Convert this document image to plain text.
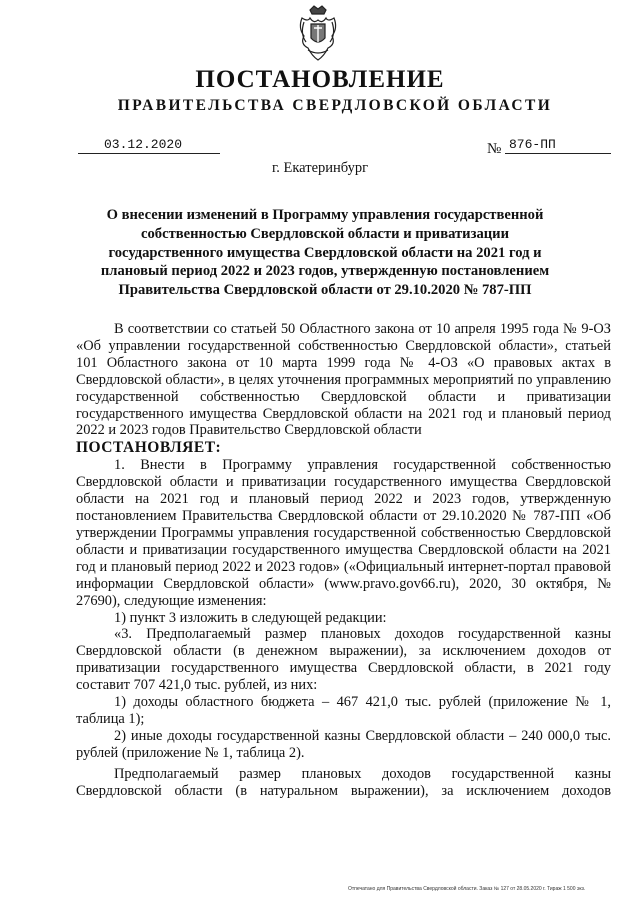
ПОСТАНОВЛЕНИЕ
ПРАВИТЕЛЬСТВА СВЕРДЛОВСКОЙ ОБЛАСТИ
03.12.2020	№ 876-ПП
г. Екатеринбург
О внесении изменений в Программу управления государственной собственностью Свердловской области и приватизации государственного имущества Свердловской области на 2021 год и плановый период 2022 и 2023 годов, утвержденную постановлением Правительства Свердловской области от 29.10.2020 № 787-ПП

В соответствии со статьей 50 Областного закона от 10 апреля 1995 года № 9-ОЗ «Об управлении государственной собственностью Свердловской области», статьей 101 Областного закона от 10 марта 1999 года № 4-ОЗ «О правовых актах в Свердловской области», в целях уточнения программных мероприятий по управлению государственной собственностью Свердловской области и приватизации государственного имущества Свердловской области на 2021 год и плановый период 2022 и 2023 годов Правительство Свердловской области

ПОСТАНОВЛЯЕТ:

1. Внести в Программу управления государственной собственностью Свердловской области и приватизации государственного имущества Свердловской области на 2021 год и плановый период 2022 и 2023 годов, утвержденную постановлением Правительства Свердловской области от 29.10.2020 № 787-ПП «Об утверждении Программы управления государственной собственностью Свердловской области и приватизации государственного имущества Свердловской области на 2021 год и плановый период 2022 и 2023 годов» («Официальный интернет-портал правовой информации Свердловской области» (www.pravo.gov66.ru), 2020, 30 октября, № 27690), следующие изменения:

1) пункт 3 изложить в следующей редакции:

«3. Предполагаемый размер плановых доходов государственной казны Свердловской области (в денежном выражении), за исключением доходов от приватизации государственного имущества Свердловской области, в 2021 году составит 707 421,0 тыс. рублей, из них:

1) доходы областного бюджета – 467 421,0 тыс. рублей (приложение № 1, таблица 1);

2) иные доходы государственной казны Свердловской области – 240 000,0 тыс. рублей (приложение № 1, таблица 2).

Предполагаемый размер плановых доходов государственной казны Свердловской области (в натуральном выражении), за исключением доходов

Отпечатано для Правительства Свердловской области. Заказ № 127 от 28.05.2020 г. Тираж 1 500 экз.
